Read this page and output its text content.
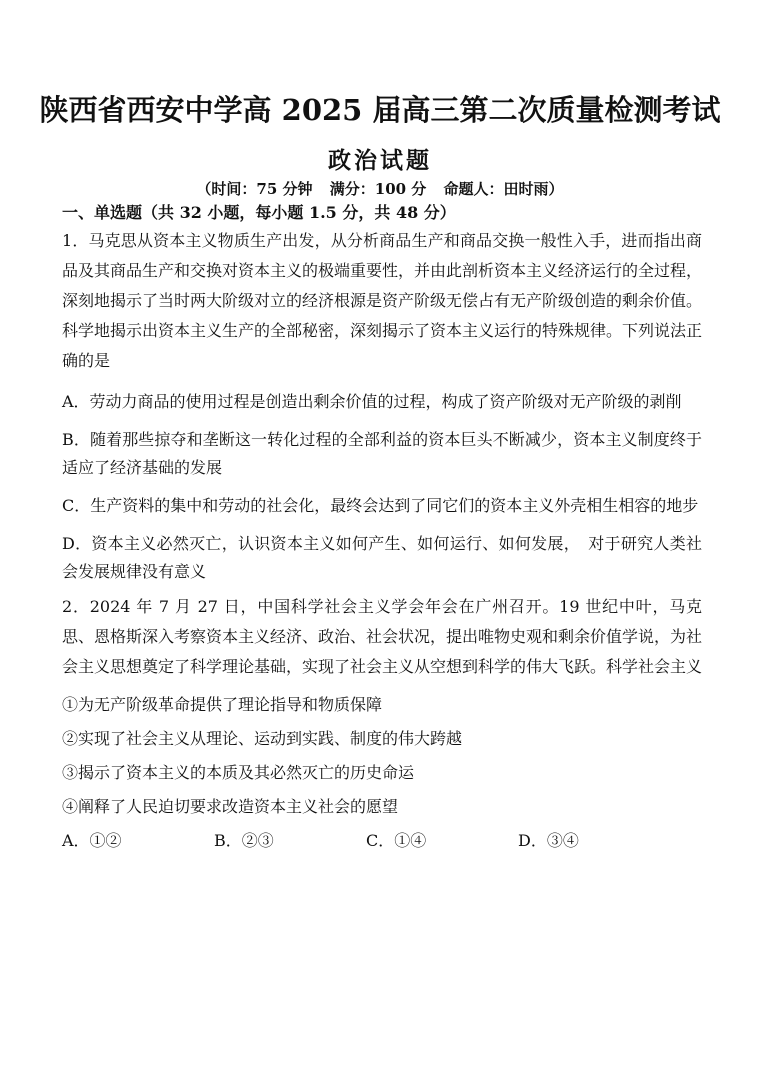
陕西省西安中学高 2025 届高三第二次质量检测考试
政治试题
（时间：75 分钟 满分：100 分 命题人：田时雨）
一、单选题（共 32 小题，每小题 1.5 分，共 48 分）

1．马克思从资本主义物质生产出发，从分析商品生产和商品交换一般性入手，进而指出商品及其商品生产和交换对资本主义的极端重要性，并由此剖析资本主义经济运行的全过程，深刻地揭示了当时两大阶级对立的经济根源是资产阶级无偿占有无产阶级创造的剩余价值。科学地揭示出资本主义生产的全部秘密，深刻揭示了资本主义运行的特殊规律。下列说法正确的是

A．劳动力商品的使用过程是创造出剩余价值的过程，构成了资产阶级对无产阶级的剥削

B．随着那些掠夺和垄断这一转化过程的全部利益的资本巨头不断减少，资本主义制度终于适应了经济基础的发展

C．生产资料的集中和劳动的社会化，最终会达到了同它们的资本主义外壳相生相容的地步

D．资本主义必然灭亡，认识资本主义如何产生、如何运行、如何发展，　对于研究人类社会发展规律没有意义

2．2024 年 7 月 27 日，中国科学社会主义学会年会在广州召开。19 世纪中叶，马克思、恩格斯深入考察资本主义经济、政治、社会状况，提出唯物史观和剩余价值学说，为社会主义思想奠定了科学理论基础，实现了社会主义从空想到科学的伟大飞跃。科学社会主义

①为无产阶级革命提供了理论指导和物质保障

②实现了社会主义从理论、运动到实践、制度的伟大跨越

③揭示了资本主义的本质及其必然灭亡的历史命运

④阐释了人民迫切要求改造资本主义社会的愿望

A．①②	B．②③	C．①④	D．③④
